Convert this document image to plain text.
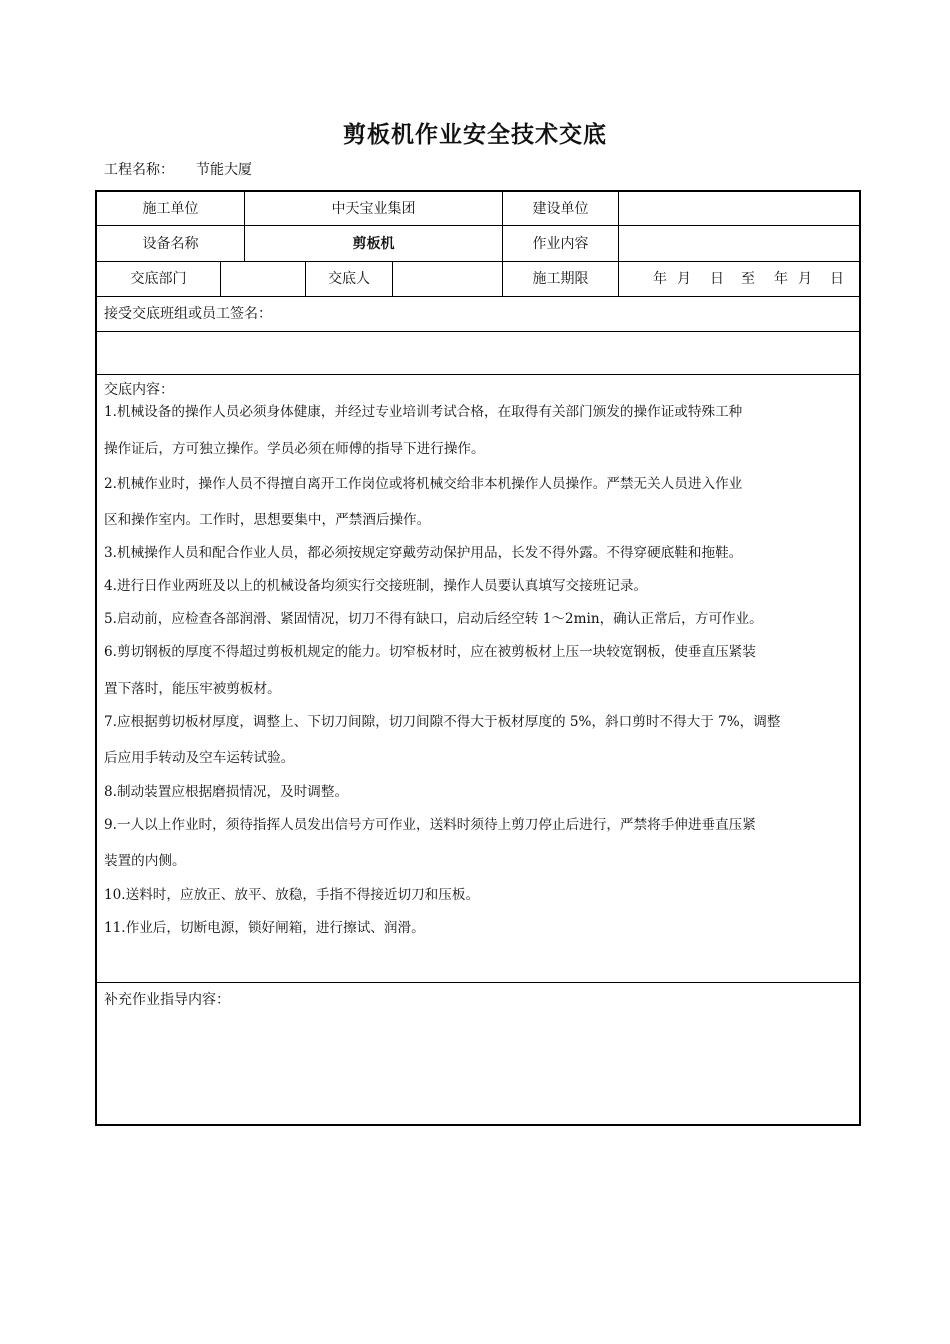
剪板机作业安全技术交底
工程名称： 节能大厦
施工单位	中天宝业集团	建设单位
设备名称	剪板机	作业内容
交底部门	交底人	施工期限	年 月 日 至 年 月 日
接受交底班组或员工签名：
交底内容：

1.机械设备的操作人员必须身体健康，并经过专业培训考试合格，在取得有关部门颁发的操作证或特殊工种

操作证后，方可独立操作。学员必须在师傅的指导下进行操作。

2.机械作业时，操作人员不得擅自离开工作岗位或将机械交给非本机操作人员操作。严禁无关人员进入作业

区和操作室内。工作时，思想要集中，严禁酒后操作。

3.机械操作人员和配合作业人员，都必须按规定穿戴劳动保护用品，长发不得外露。不得穿硬底鞋和拖鞋。

4.进行日作业两班及以上的机械设备均须实行交接班制，操作人员要认真填写交接班记录。

5.启动前，应检查各部润滑、紧固情况，切刀不得有缺口，启动后经空转 1～2min，确认正常后，方可作业。

6.剪切钢板的厚度不得超过剪板机规定的能力。切窄板材时，应在被剪板材上压一块较宽钢板，使垂直压紧装

置下落时，能压牢被剪板材。

7.应根据剪切板材厚度，调整上、下切刀间隙，切刀间隙不得大于板材厚度的 5%，斜口剪时不得大于 7%，调整

后应用手转动及空车运转试验。

8.制动装置应根据磨损情况，及时调整。

9.一人以上作业时，须待指挥人员发出信号方可作业，送料时须待上剪刀停止后进行，严禁将手伸进垂直压紧

装置的内侧。

10.送料时，应放正、放平、放稳，手指不得接近切刀和压板。

11.作业后，切断电源，锁好闸箱，进行擦试、润滑。

补充作业指导内容：
